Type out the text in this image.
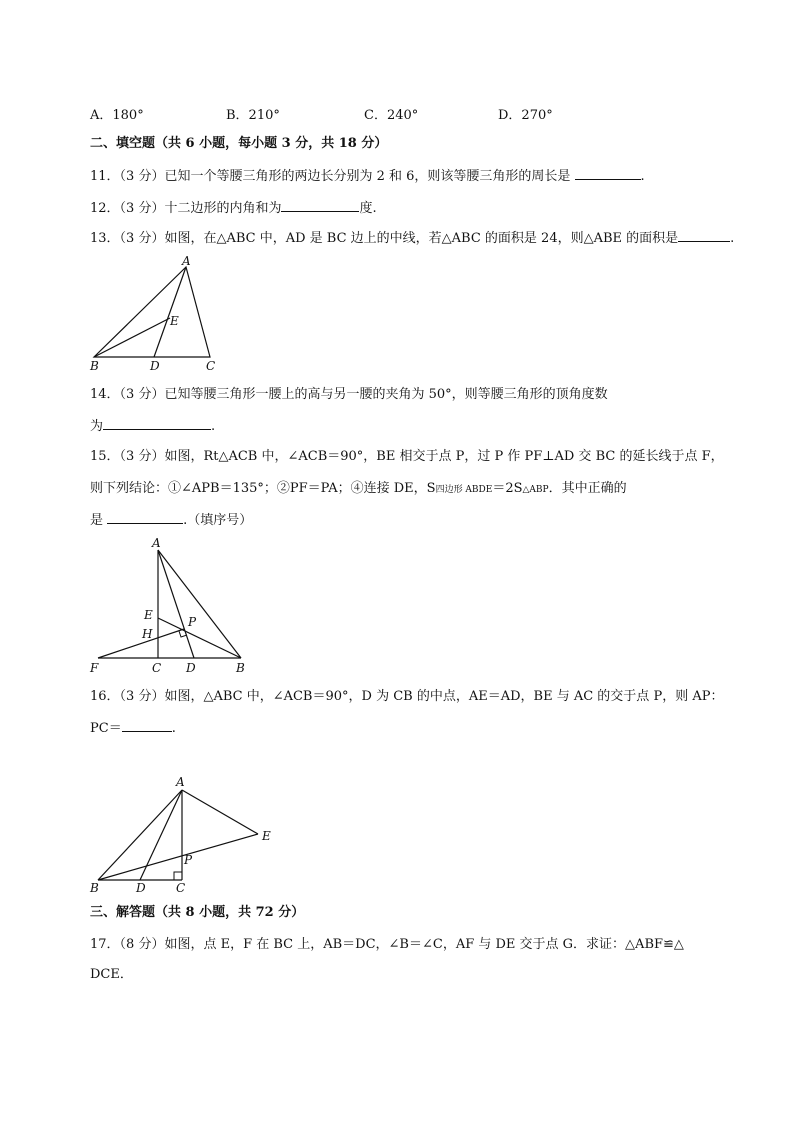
A．180°	B．210°	C．240°	D．270°
二、填空题（共 6 小题，每小题 3 分，共 18 分）
11．（3 分）已知一个等腰三角形的两边长分别为 2 和 6，则该等腰三角形的周长是	.
12．（3 分）十二边形的内角和为	度.
13．（3 分）如图，在△ABC 中，AD 是 BC 边上的中线，若△ABC 的面积是 24，则△ABE 的面积是	.
A
E
B	D	C
14．（3 分）已知等腰三角形一腰上的高与另一腰的夹角为 50°，则等腰三角形的顶角度数
为	.
15．（3 分）如图，Rt△ACB 中，∠ACB＝90°，BE 相交于点 P，过 P 作 PF⊥AD 交 BC 的延长线于点 F，
则下列结论：①∠APB＝135°；②PF＝PA；④连接 DE，S四边形 ABDE＝2S△ABP．其中正确的
是	.（填序号）
A
E
H
P
F	C D	B
16．（3 分）如图，△ABC 中，∠ACB＝90°，D 为 CB 的中点，AE＝AD，BE 与 AC 的交于点 P，则 AP：
PC＝	.
A
E
P
B	D	C
三、解答题（共 8 小题，共 72 分）
17．（8 分）如图，点 E，F 在 BC 上，AB＝DC，∠B＝∠C，AF 与 DE 交于点 G．求证：△ABF≌△
DCE．
